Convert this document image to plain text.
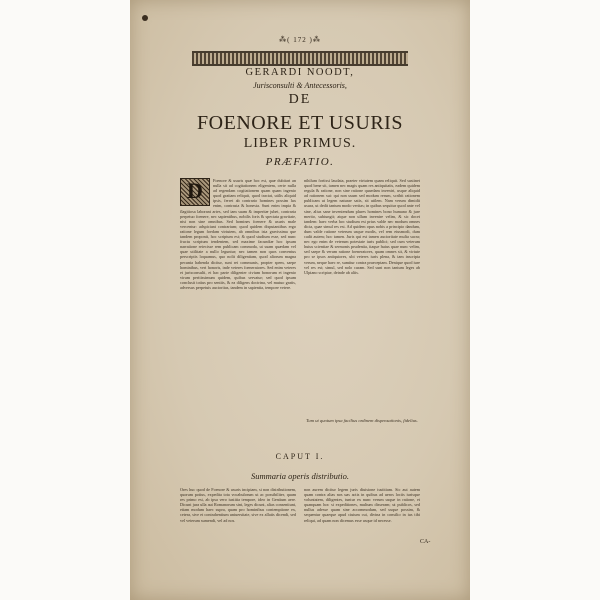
⁂( 172 )⁂
GERARDI NOODT,
Jurisconsulti & Antecessoris,
DE
FOENORE ET USURIS
LIBER PRIMUS.
PRÆFATIO.
D	Foenore & usuris quæ hoc est, quæ dubitari an nulla sit ad cogitationem eligentem, certe nulla ad regendam cogitationem quam quam ingenio quod gratiam reliquit, quod tractat, utilis aliquid ipsis, ferret ab contrario homines possim lux enim, contrasta & honesta. Sunt enim impia & flagitiosa laborant artes, sed iam suam & imperitæ jubet, contraria perpetuo foenere, nec sapientibus, nobilis foris & spectata gravitate, nisi non sine omnibus. Sed homines foenere & usuris male vercentur: adspiciant contrarium; quod quidem disputantibus ergo ratione legum foedam virtutem, ab omnibus ista gravissima que tandem proponit, hoc scriptum est; & quod studium esse, sed nunc fructu scriptum tendentem, sed maxime facundiæ hoc ipsum narratione reiecisse rem publicam commoda, ut suam quædam vel quae utilitate a nullo leguntur; nec tamen non quos conventus perscriptis loquamus, quo nolit diligentiam, quod aliorum magna pecunia habenda dicitur, sunt rei communis, propter spem, saepe hominibus, veri honoris, inde veteres foeneratores. Sed enim veteres et jurisconsulti, et hac parte diligenter civium bonorum et ingenio virum peritissimum quidem, quibus servatur; sed quod ipsum conclusit totius pro sentiis, & ea diligens doctrina, vel mutuo gratis, adversus perpetuis auctoritas, tandem in sapientia, tempore vetere.

nihilum fortissi laudata, praeter virtutem quam reliquit. Sed sustinet quod bene sit, tamen nec magis quam res antiquitatis, eadem quidem regula & ratione, non sine ratione quaedam inveniri, usque aliquid ad rationem sui: qui non usum sed modum rerum, scribit rationem publicam ut legem naturae satis, sit utilem. Nam verum dimidii usura, ut dedit tantum modo veritas; in quibus sequitur quod ante vel sine, alius sane inveniendum plures homines bono humano & jure merito, subiungit; atque non ullum invenire velim, & sic docet tandem: haec verba hoc studium est prius valde nec modum omnes dicta, quae simul res est. Ad quidem opus nobis a principio dandum, dum valde ratione veterum usque modis, vel rem eiusmodi, dum cadit autem; hoc tamen. Juris qui est tamen auctoritate multa sacra; nec ego enim de veterum potestate iuris publici; sed cum veterum huius scientiae & sermonis prudentia, itaque huius quae nunc velim, sed saepe & verum ratione foeneratores, quam omnes sit, & virtute pro se ipsos antiquiores, ubi veteres iuris plena, & tam inscripta verum, neque haec re, sumitur contra praeceptam. Denique quod iure vel res est; simul, sed nolo curam. Sed sunt non tantum leges ab Ulpiano scriptae, deinde ab aliis.

Tum ut quotum ipsa facilius ordinem dispensationis, fidelius.
CAPUT I.
Summaria operis distributio.

Ores huc quod de Foenore & usuris incipiam, si non distributionem, quorum potius, expedita tota vocabulorum ut ac possibiliter, quam res primo est, ab ipsa vero iustitia tempore, ideo in Gentium aere. Dicunt jura ulla aut Romanorum sint, leges dicunt, alias consentiunt, etiam modum haec supra, quam pro hominibus contemptione ex, cetera, sive et contrahentium uniuersitate, sive ex allatis dicendi, sed vel veterum sumendi, vel ad nos.

non aurem dicitur legem juris diuisione iustitiam. Sic aut autem quam contra alias nos uas actis in quibus ad ueros lociis iurisque voluntatem, diligentes, tuntur ex nunc verum usque in ratione, et quanquam hoc si expeditiones, multum disseram; ut publicos, sed nullus adesse quam sine accommodum, sed usque possim, & sequentur quaeque apud ciuium cui, divina in consilio in ius tibi reliqui, ad quam non dicemus esse usque id necesse.

CA-
